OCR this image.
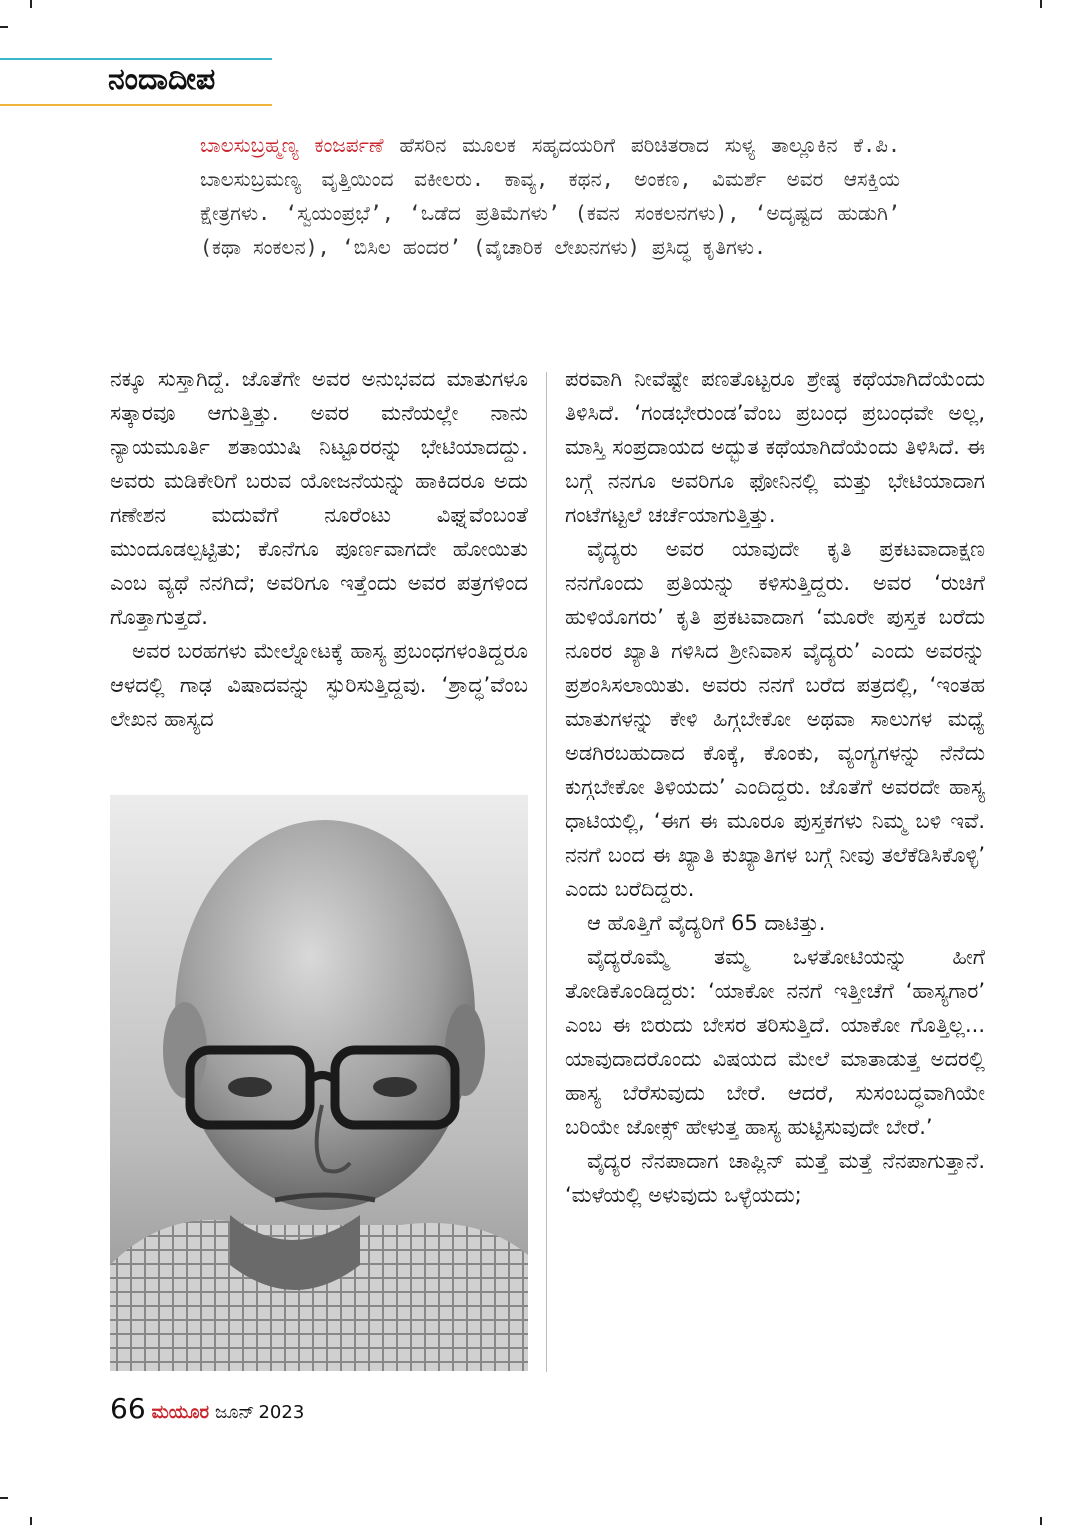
ನಂದಾದೀಪ
ಬಾಲಸುಬ್ರಹ್ಮಣ್ಯ ಕಂಜರ್ಪಣೆ ಹೆಸರಿನ ಮೂಲಕ ಸಹೃದಯರಿಗೆ ಪರಿಚಿತರಾದ ಸುಳ್ಯ ತಾಲ್ಲೂಕಿನ ಕೆ.ಪಿ. ಬಾಲಸುಬ್ರಮಣ್ಯ ವೃತ್ತಿಯಿಂದ ವಕೀಲರು. ಕಾವ್ಯ, ಕಥನ, ಅಂಕಣ, ವಿಮರ್ಶೆ ಅವರ ಆಸಕ್ತಿಯ ಕ್ಷೇತ್ರಗಳು. ‘ಸ್ವಯಂಪ್ರಭೆ’, ‘ಒಡೆದ ಪ್ರತಿಮೆಗಳು’ (ಕವನ ಸಂಕಲನಗಳು), ‘ಅದೃಷ್ಟದ ಹುಡುಗಿ’ (ಕಥಾ ಸಂಕಲನ), ‘ಬಿಸಿಲ ಹಂದರ’ (ವೈಚಾರಿಕ ಲೇಖನಗಳು) ಪ್ರಸಿದ್ಧ ಕೃತಿಗಳು.

ನಕ್ಕೂ ಸುಸ್ತಾಗಿದ್ದೆ. ಜೊತೆಗೇ ಅವರ ಅನುಭವದ ಮಾತುಗಳೂ ಸತ್ಕಾರವೂ ಆಗುತ್ತಿತ್ತು. ಅವರ ಮನೆಯಲ್ಲೇ ನಾನು ನ್ಯಾಯಮೂರ್ತಿ ಶತಾಯುಷಿ ನಿಟ್ಟೂರರನ್ನು ಭೇಟಿಯಾದದ್ದು. ಅವರು ಮಡಿಕೇರಿಗೆ ಬರುವ ಯೋಜನೆಯನ್ನು ಹಾಕಿದರೂ ಅದು ಗಣೇಶನ ಮದುವೆಗೆ ನೂರೆಂಟು ವಿಘ್ನವೆಂಬಂತೆ ಮುಂದೂಡಲ್ಪಟ್ಟಿತು; ಕೊನೆಗೂ ಪೂರ್ಣವಾಗದೇ ಹೋಯಿತು ಎಂಬ ವ್ಯಥೆ ನನಗಿದೆ; ಅವರಿಗೂ ಇತ್ತೆಂದು ಅವರ ಪತ್ರಗಳಿಂದ ಗೊತ್ತಾಗುತ್ತದೆ.

ಅವರ ಬರಹಗಳು ಮೇಲ್ನೋಟಕ್ಕೆ ಹಾಸ್ಯ ಪ್ರಬಂಧಗಳಂತಿದ್ದರೂ ಆಳದಲ್ಲಿ ಗಾಢ ವಿಷಾದವನ್ನು ಸ್ಫುರಿಸುತ್ತಿದ್ದವು. ‘ಶ್ರಾದ್ಧ’ವೆಂಬ ಲೇಖನ ಹಾಸ್ಯದ

ಪರವಾಗಿ ನೀವೆಷ್ಟೇ ಪಣತೊಟ್ಟರೂ ಶ್ರೇಷ್ಠ ಕಥೆಯಾಗಿದೆಯೆಂದು ತಿಳಿಸಿದೆ. ‘ಗಂಡಭೇರುಂಡ’ವೆಂಬ ಪ್ರಬಂಧ ಪ್ರಬಂಧವೇ ಅಲ್ಲ, ಮಾಸ್ತಿ ಸಂಪ್ರದಾಯದ ಅದ್ಭುತ ಕಥೆಯಾಗಿದೆಯೆಂದು ತಿಳಿಸಿದೆ. ಈ ಬಗ್ಗೆ ನನಗೂ ಅವರಿಗೂ ಫೋನಿನಲ್ಲಿ ಮತ್ತು ಭೇಟಿಯಾದಾಗ ಗಂಟೆಗಟ್ಟಲೆ ಚರ್ಚೆಯಾಗುತ್ತಿತ್ತು.

ವೈದ್ಯರು ಅವರ ಯಾವುದೇ ಕೃತಿ ಪ್ರಕಟವಾದಾಕ್ಷಣ ನನಗೊಂದು ಪ್ರತಿಯನ್ನು ಕಳಿಸುತ್ತಿದ್ದರು. ಅವರ ‘ರುಚಿಗೆ ಹುಳಿಯೊಗರು’ ಕೃತಿ ಪ್ರಕಟವಾದಾಗ ‘ಮೂರೇ ಪುಸ್ತಕ ಬರೆದು ನೂರರ ಖ್ಯಾತಿ ಗಳಿಸಿದ ಶ್ರೀನಿವಾಸ ವೈದ್ಯರು’ ಎಂದು ಅವರನ್ನು ಪ್ರಶಂಸಿಸಲಾಯಿತು. ಅವರು ನನಗೆ ಬರೆದ ಪತ್ರದಲ್ಲಿ, ‘ಇಂತಹ ಮಾತುಗಳನ್ನು ಕೇಳಿ ಹಿಗ್ಗಬೇಕೋ ಅಥವಾ ಸಾಲುಗಳ ಮಧ್ಯೆ ಅಡಗಿರಬಹುದಾದ ಕೊಕ್ಕೆ, ಕೊಂಕು, ವ್ಯಂಗ್ಯಗಳನ್ನು ನೆನೆದು ಕುಗ್ಗಬೇಕೋ ತಿಳಿಯದು’ ಎಂದಿದ್ದರು. ಜೊತೆಗೆ ಅವರದೇ ಹಾಸ್ಯ ಧಾಟಿಯಲ್ಲಿ, ‘ಈಗ ಈ ಮೂರೂ ಪುಸ್ತಕಗಳು ನಿಮ್ಮ ಬಳಿ ಇವೆ. ನನಗೆ ಬಂದ ಈ ಖ್ಯಾತಿ ಕುಖ್ಯಾತಿಗಳ ಬಗ್ಗೆ ನೀವು ತಲೆಕೆಡಿಸಿಕೊಳ್ಳಿ’ ಎಂದು ಬರೆದಿದ್ದರು.

ಆ ಹೊತ್ತಿಗೆ ವೈದ್ಯರಿಗೆ 65 ದಾಟಿತ್ತು.

ವೈದ್ಯರೊಮ್ಮೆ ತಮ್ಮ ಒಳತೋಟಿಯನ್ನು ಹೀಗೆ ತೋಡಿಕೊಂಡಿದ್ದರು: ‘ಯಾಕೋ ನನಗೆ ಇತ್ತೀಚೆಗೆ ‘ಹಾಸ್ಯಗಾರ’ ಎಂಬ ಈ ಬಿರುದು ಬೇಸರ ತರಿಸುತ್ತಿದೆ. ಯಾಕೋ ಗೊತ್ತಿಲ್ಲ... ಯಾವುದಾದರೊಂದು ವಿಷಯದ ಮೇಲೆ ಮಾತಾಡುತ್ತ ಅದರಲ್ಲಿ ಹಾಸ್ಯ ಬೆರೆಸುವುದು ಬೇರೆ. ಆದರೆ, ಸುಸಂಬದ್ಧವಾಗಿಯೇ ಬರಿಯೇ ಜೋಕ್ಸ್ ಹೇಳುತ್ತ ಹಾಸ್ಯ ಹುಟ್ಟಿಸುವುದೇ ಬೇರೆ.’

ವೈದ್ಯರ ನೆನಪಾದಾಗ ಚಾಪ್ಲಿನ್ ಮತ್ತೆ ಮತ್ತೆ ನೆನಪಾಗುತ್ತಾನೆ. ‘ಮಳೆಯಲ್ಲಿ ಅಳುವುದು ಒಳ್ಳೆಯದು;

66 ಮಯೂರ ಜೂನ್ 2023
